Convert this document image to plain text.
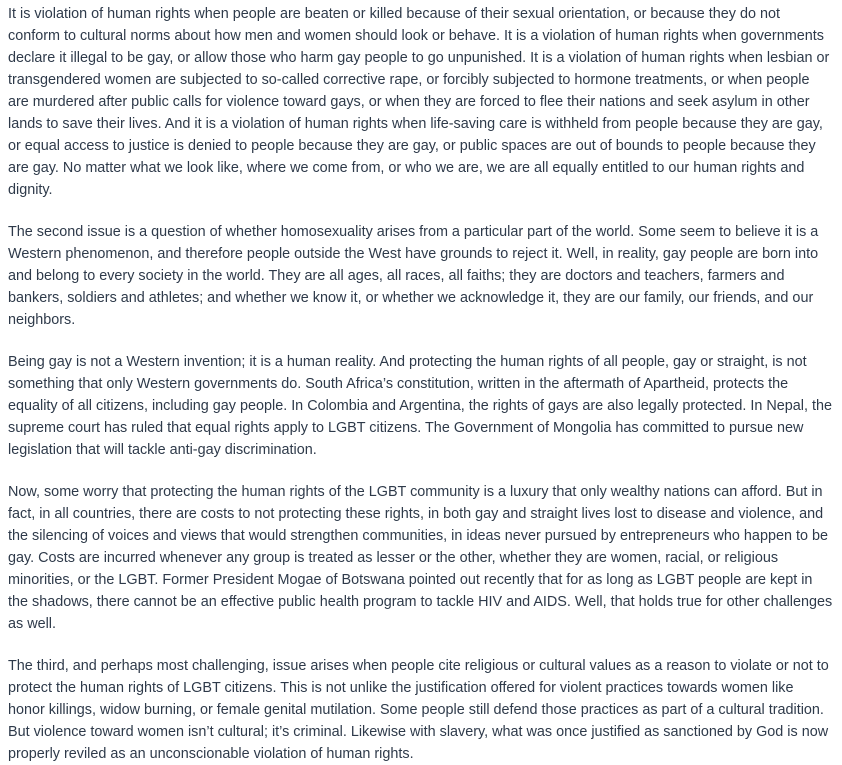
It is violation of human rights when people are beaten or killed because of their sexual orientation, or because they do not conform to cultural norms about how men and women should look or behave. It is a violation of human rights when governments declare it illegal to be gay, or allow those who harm gay people to go unpunished. It is a violation of human rights when lesbian or transgendered women are subjected to so-called corrective rape, or forcibly subjected to hormone treatments, or when people are murdered after public calls for violence toward gays, or when they are forced to flee their nations and seek asylum in other lands to save their lives. And it is a violation of human rights when life-saving care is withheld from people because they are gay, or equal access to justice is denied to people because they are gay, or public spaces are out of bounds to people because they are gay. No matter what we look like, where we come from, or who we are, we are all equally entitled to our human rights and dignity.

The second issue is a question of whether homosexuality arises from a particular part of the world. Some seem to believe it is a Western phenomenon, and therefore people outside the West have grounds to reject it. Well, in reality, gay people are born into and belong to every society in the world. They are all ages, all races, all faiths; they are doctors and teachers, farmers and bankers, soldiers and athletes; and whether we know it, or whether we acknowledge it, they are our family, our friends, and our neighbors.

Being gay is not a Western invention; it is a human reality. And protecting the human rights of all people, gay or straight, is not something that only Western governments do. South Africa’s constitution, written in the aftermath of Apartheid, protects the equality of all citizens, including gay people. In Colombia and Argentina, the rights of gays are also legally protected. In Nepal, the supreme court has ruled that equal rights apply to LGBT citizens. The Government of Mongolia has committed to pursue new legislation that will tackle anti-gay discrimination.

Now, some worry that protecting the human rights of the LGBT community is a luxury that only wealthy nations can afford. But in fact, in all countries, there are costs to not protecting these rights, in both gay and straight lives lost to disease and violence, and the silencing of voices and views that would strengthen communities, in ideas never pursued by entrepreneurs who happen to be gay. Costs are incurred whenever any group is treated as lesser or the other, whether they are women, racial, or religious minorities, or the LGBT. Former President Mogae of Botswana pointed out recently that for as long as LGBT people are kept in the shadows, there cannot be an effective public health program to tackle HIV and AIDS. Well, that holds true for other challenges as well.

The third, and perhaps most challenging, issue arises when people cite religious or cultural values as a reason to violate or not to protect the human rights of LGBT citizens. This is not unlike the justification offered for violent practices towards women like honor killings, widow burning, or female genital mutilation. Some people still defend those practices as part of a cultural tradition. But violence toward women isn’t cultural; it’s criminal. Likewise with slavery, what was once justified as sanctioned by God is now properly reviled as an unconscionable violation of human rights.
